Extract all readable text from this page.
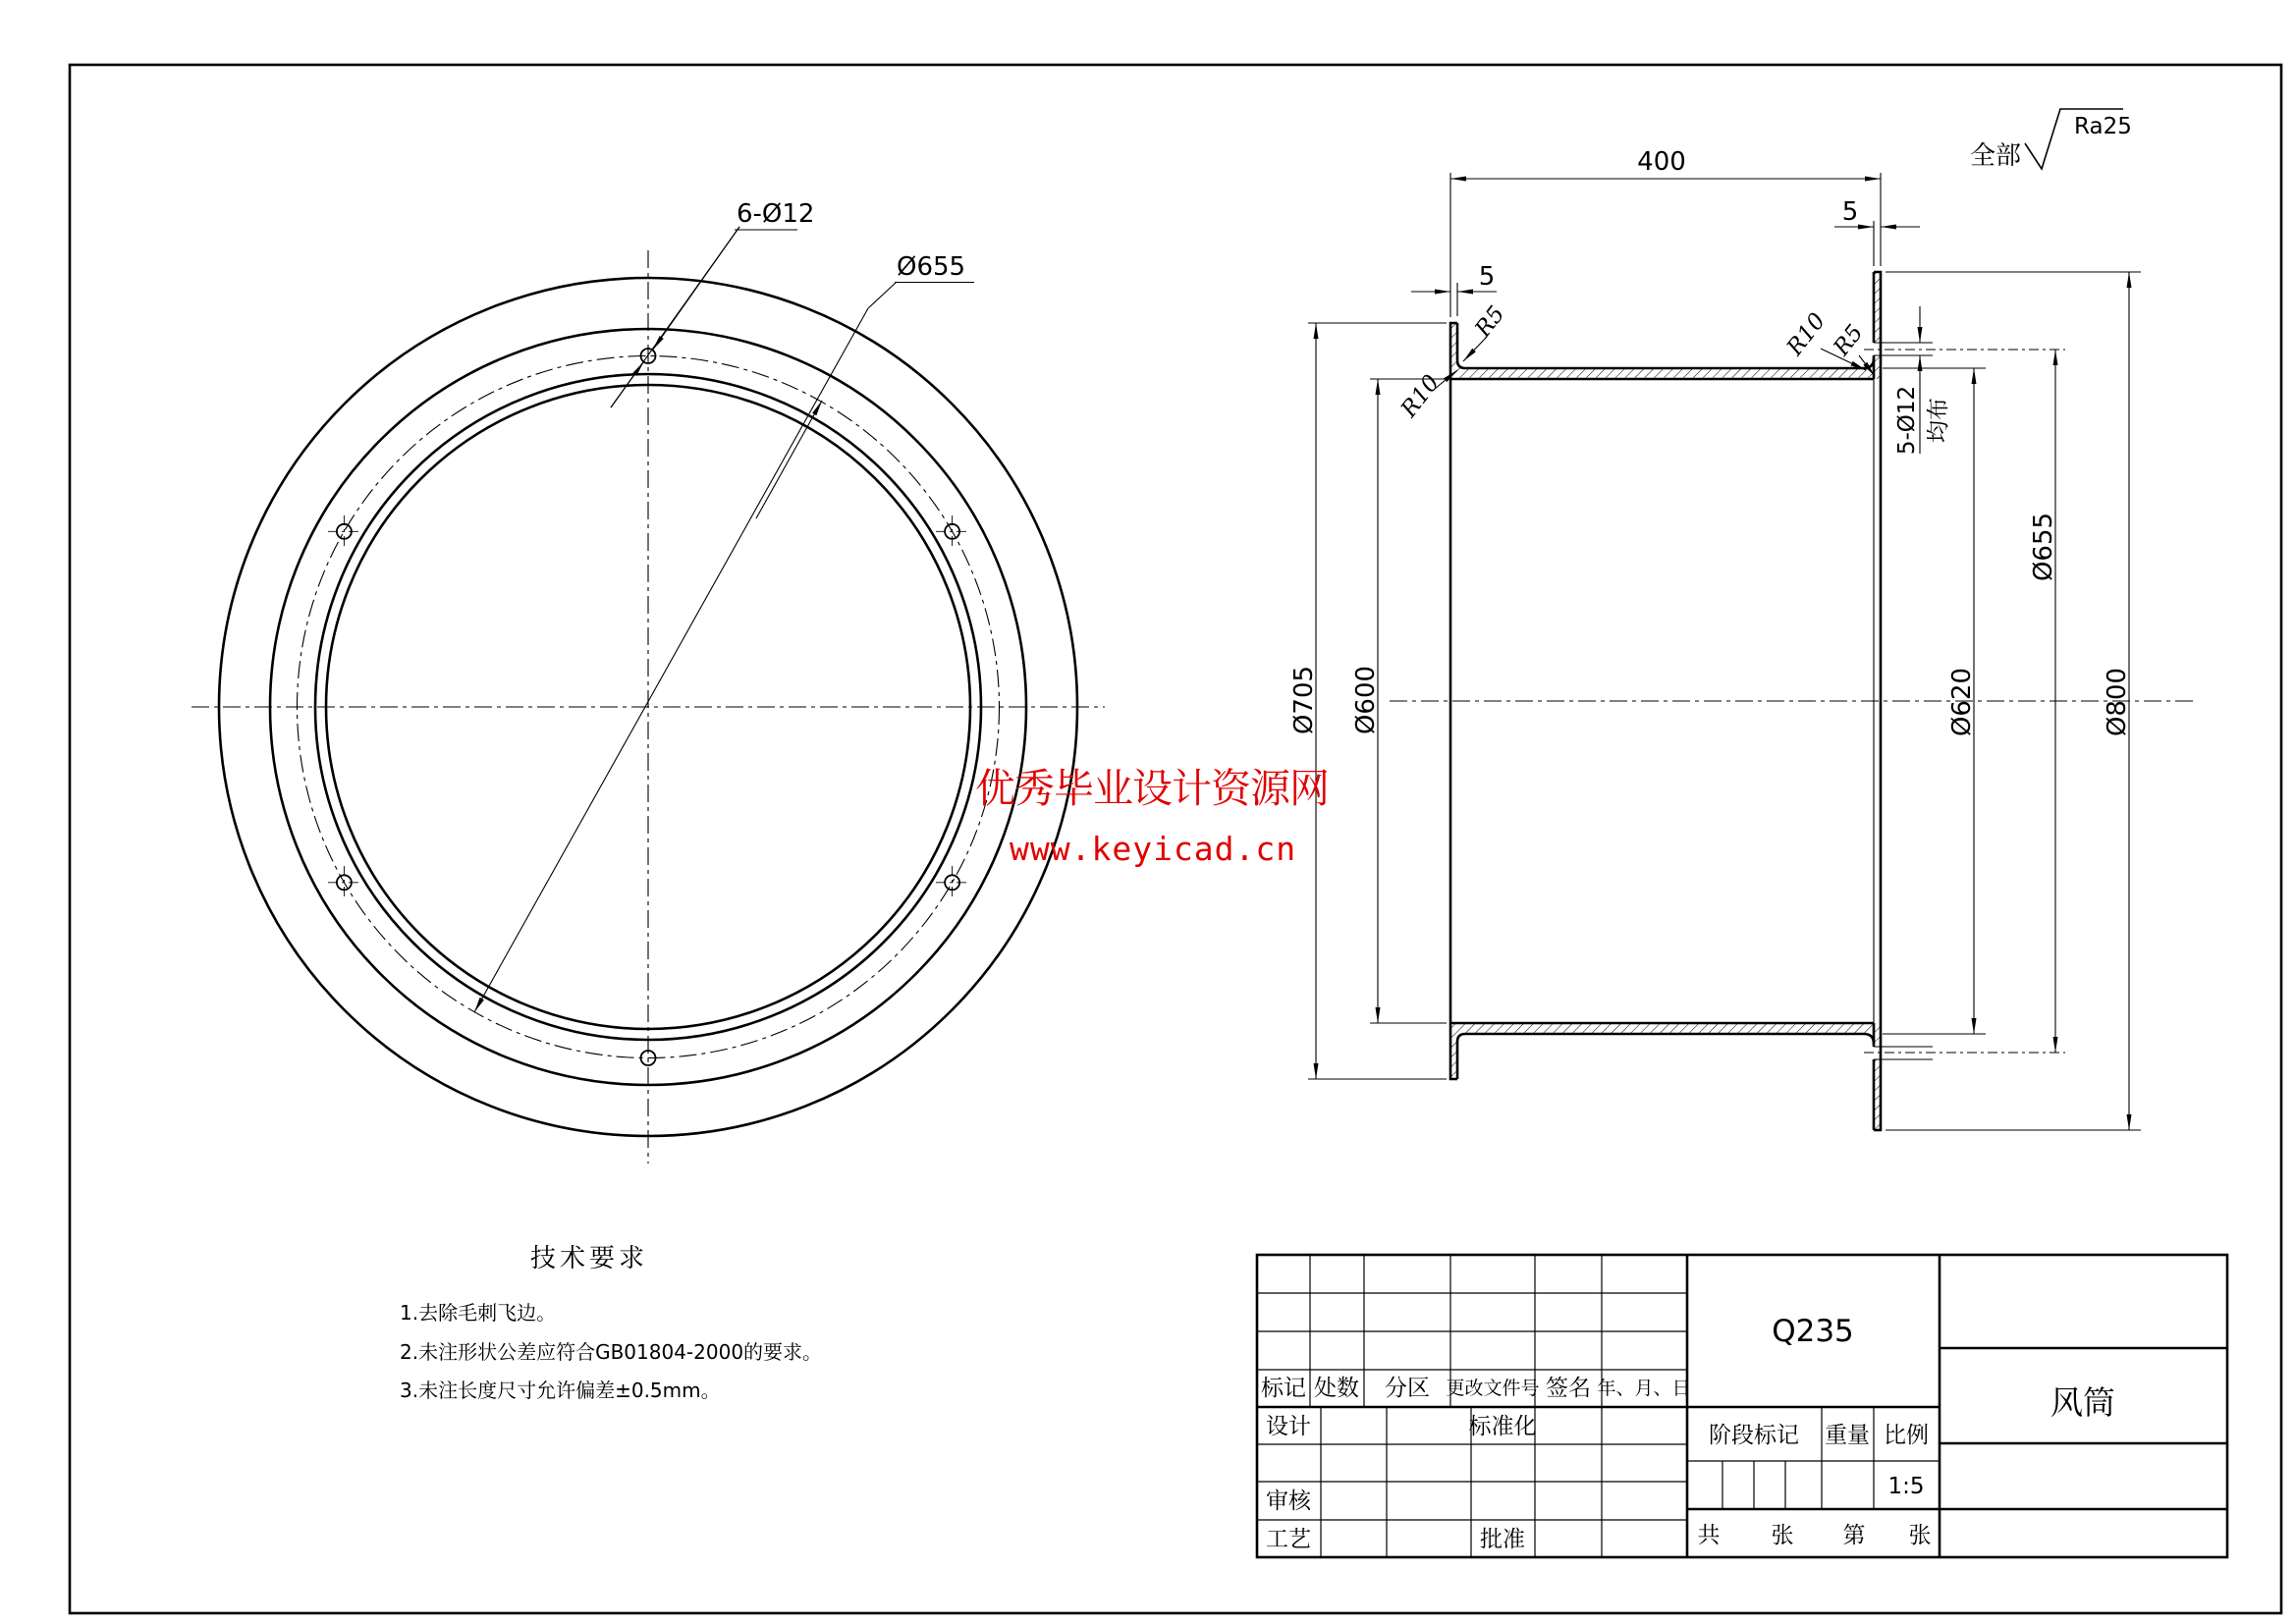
6-Ø12
Ø655
400
5
5
R5
R10
R10
R5
5-Ø12 均布
Ø655
Ø620	Ø800
Ø705 Ø600
全部
Ra25
优秀毕业设计资源网
www.keyicad.cn
技术要求
1.去除毛刺飞边。
2.未注形状公差应符合GB01804-2000的要求。
3.未注长度尺寸允许偏差±0.5mm。	标记 处数 分区 更改文件号 签名 年、月、日
设计	标准化
审核
工艺	批准
Q235
阶段标记 重量 比例
1:5
共 张 第 张
风筒
